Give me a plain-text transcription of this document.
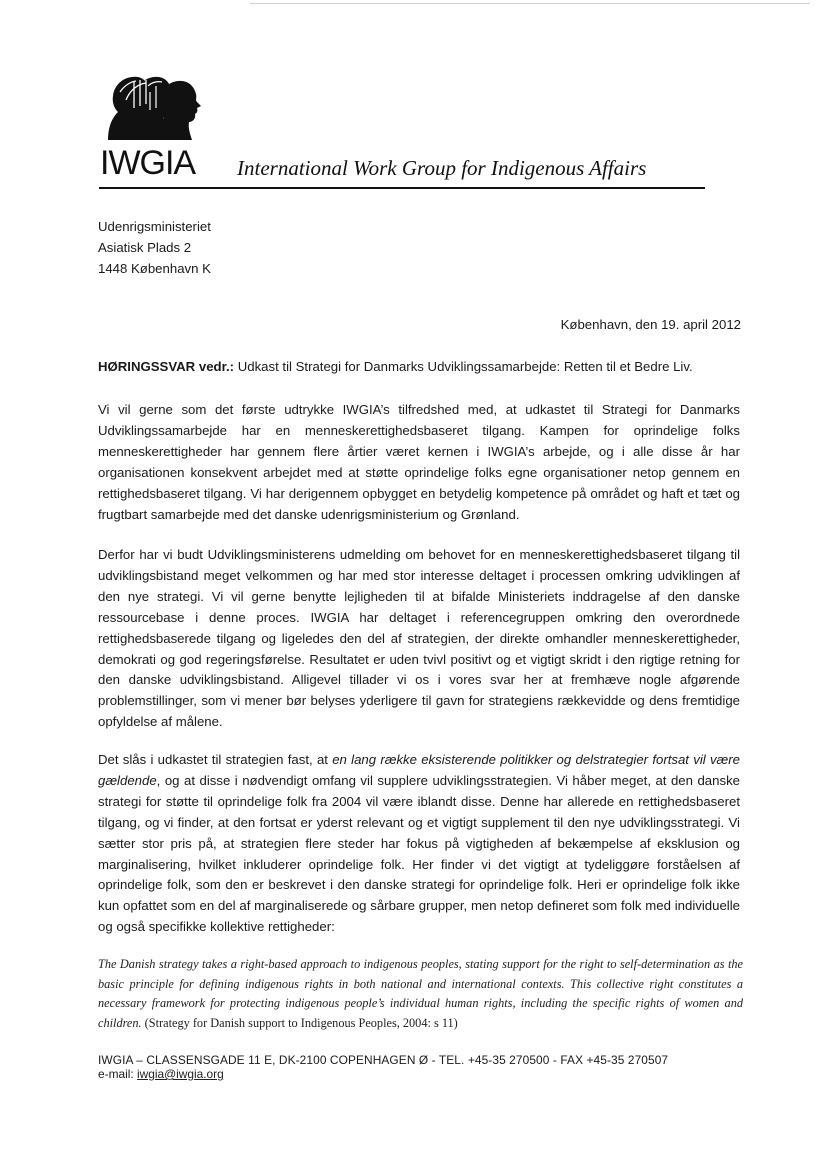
IWGIA International Work Group for Indigenous Affairs
Udenrigsministeriet
Asiatisk Plads 2
1448 København K
København, den 19. april 2012
HØRINGSSVAR vedr.: Udkast til Strategi for Danmarks Udviklingssamarbejde: Retten til et Bedre Liv.

Vi vil gerne som det første udtrykke IWGIA’s tilfredshed med, at udkastet til Strategi for Danmarks Udviklingssamarbejde har en menneskerettighedsbaseret tilgang. Kampen for oprindelige folks menneskerettigheder har gennem flere årtier været kernen i IWGIA’s arbejde, og i alle disse år har organisationen konsekvent arbejdet med at støtte oprindelige folks egne organisationer netop gennem en rettighedsbaseret tilgang. Vi har derigennem opbygget en betydelig kompetence på området og haft et tæt og frugtbart samarbejde med det danske udenrigsministerium og Grønland.

Derfor har vi budt Udviklingsministerens udmelding om behovet for en menneskerettighedsbaseret tilgang til udviklingsbistand meget velkommen og har med stor interesse deltaget i processen omkring udviklingen af den nye strategi. Vi vil gerne benytte lejligheden til at bifalde Ministeriets inddragelse af den danske ressourcebase i denne proces. IWGIA har deltaget i referencegruppen omkring den overordnede rettighedsbaserede tilgang og ligeledes den del af strategien, der direkte omhandler menneskerettigheder, demokrati og god regeringsførelse. Resultatet er uden tvivl positivt og et vigtigt skridt i den rigtige retning for den danske udviklingsbistand. Alligevel tillader vi os i vores svar her at fremhæve nogle afgørende problemstillinger, som vi mener bør belyses yderligere til gavn for strategiens rækkevidde og dens fremtidige opfyldelse af målene.

Det slås i udkastet til strategien fast, at en lang række eksisterende politikker og delstrategier fortsat vil være gældende, og at disse i nødvendigt omfang vil supplere udviklingsstrategien. Vi håber meget, at den danske strategi for støtte til oprindelige folk fra 2004 vil være iblandt disse. Denne har allerede en rettighedsbaseret tilgang, og vi finder, at den fortsat er yderst relevant og et vigtigt supplement til den nye udviklingsstrategi. Vi sætter stor pris på, at strategien flere steder har fokus på vigtigheden af bekæmpelse af eksklusion og marginalisering, hvilket inkluderer oprindelige folk. Her finder vi det vigtigt at tydeliggøre forståelsen af oprindelige folk, som den er beskrevet i den danske strategi for oprindelige folk. Heri er oprindelige folk ikke kun opfattet som en del af marginaliserede og sårbare grupper, men netop defineret som folk med individuelle og også specifikke kollektive rettigheder:

The Danish strategy takes a right-based approach to indigenous peoples, stating support for the right to self-determination as the basic principle for defining indigenous rights in both national and international contexts. This collective right constitutes a necessary framework for protecting indigenous people’s individual human rights, including the specific rights of women and children. (Strategy for Danish support to Indigenous Peoples, 2004: s 11)

IWGIA – CLASSENSGADE 11 E, DK-2100 COPENHAGEN Ø - TEL. +45-35 270500 - FAX +45-35 270507
e-mail: iwgia@iwgia.org
